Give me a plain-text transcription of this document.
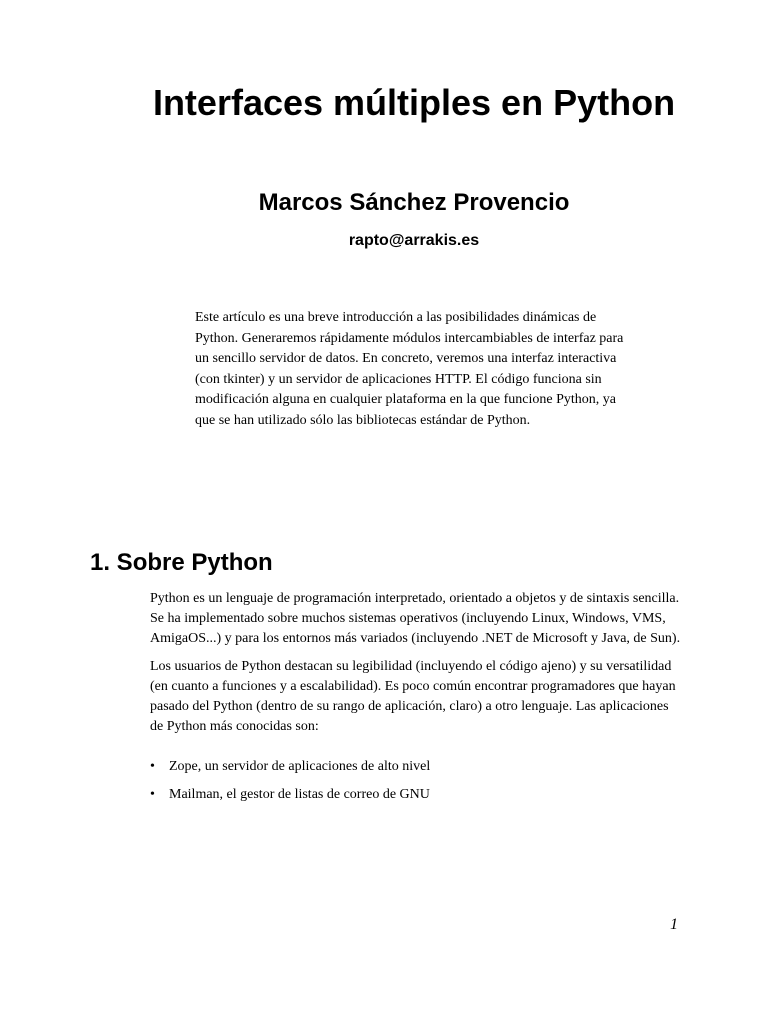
Interfaces múltiples en Python
Marcos Sánchez Provencio
rapto@arrakis.es

Este artículo es una breve introducción a las posibilidades dinámicas de Python. Generaremos rápidamente módulos intercambiables de interfaz para un sencillo servidor de datos. En concreto, veremos una interfaz interactiva (con tkinter) y un servidor de aplicaciones HTTP. El código funciona sin modificación alguna en cualquier plataforma en la que funcione Python, ya que se han utilizado sólo las bibliotecas estándar de Python.

1. Sobre Python

Python es un lenguaje de programación interpretado, orientado a objetos y de sintaxis sencilla. Se ha implementado sobre muchos sistemas operativos (incluyendo Linux, Windows, VMS, AmigaOS...) y para los entornos más variados (incluyendo .NET de Microsoft y Java, de Sun).

Los usuarios de Python destacan su legibilidad (incluyendo el código ajeno) y su versatilidad (en cuanto a funciones y a escalabilidad). Es poco común encontrar programadores que hayan pasado del Python (dentro de su rango de aplicación, claro) a otro lenguaje. Las aplicaciones de Python más conocidas son:

• Zope, un servidor de aplicaciones de alto nivel
• Mailman, el gestor de listas de correo de GNU
1
